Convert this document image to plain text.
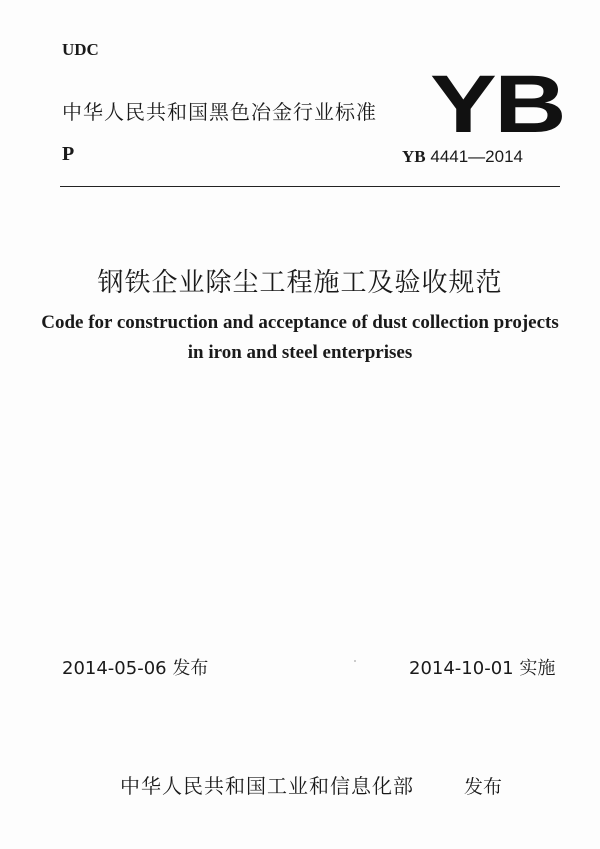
UDC
中华人民共和国黑色冶金行业标准 YB
P	YB 4441—2014
钢铁企业除尘工程施工及验收规范
Code for construction and acceptance of dust collection projects
in iron and steel enterprises
2014-05-06 发布	2014-10-01 实施
中华人民共和国工业和信息化部	发布
